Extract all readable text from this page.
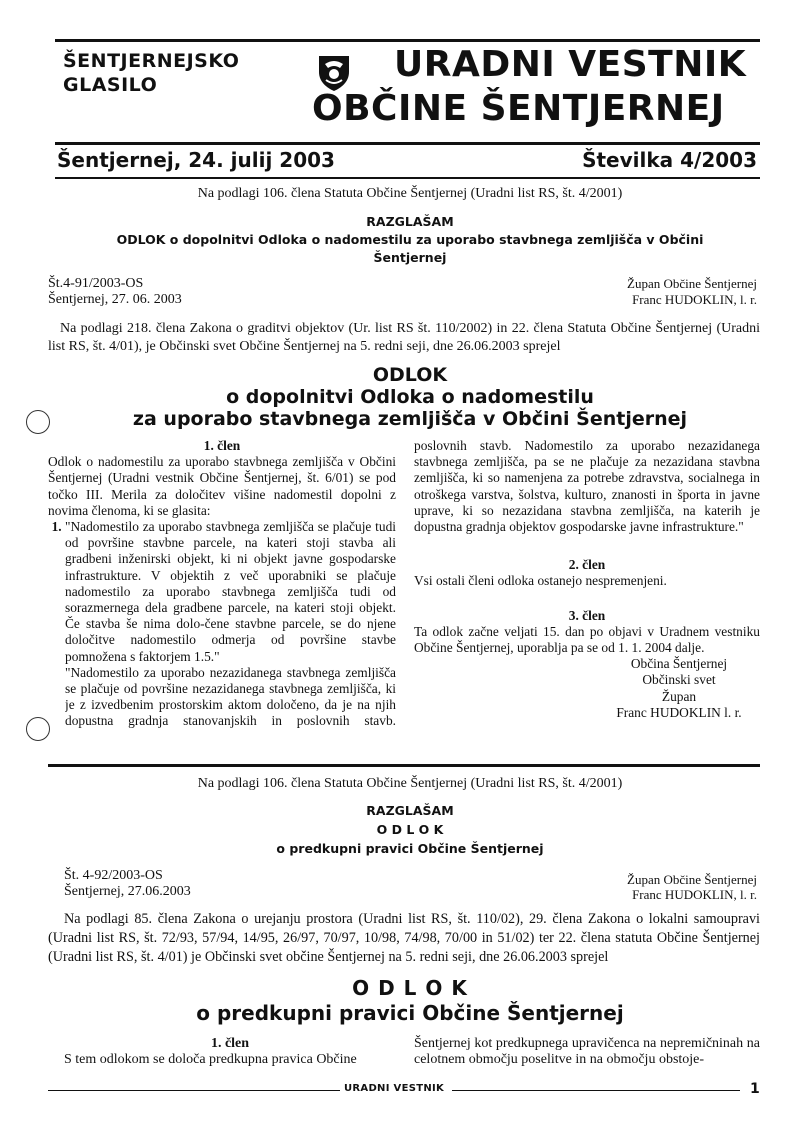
ŠENTJERNEJSKO
GLASILO	URADNI VESTNIK
OBČINE ŠENTJERNEJ
Šentjernej, 24. julij 2003	Številka 4/2003
Na podlagi 106. člena Statuta Občine Šentjernej (Uradni list RS, št. 4/2001)
RAZGLAŠAM
ODLOK o dopolnitvi Odloka o nadomestilu za uporabo stavbnega zemljišča v Občini Šentjernej
Št.4-91/2003-OS
Šentjernej, 27. 06. 2003
Župan Občine Šentjernej
Franc HUDOKLIN, l. r.
Na podlagi 218. člena Zakona o graditvi objektov (Ur. list RS št. 110/2002) in 22. člena Statuta Občine Šentjernej (Uradni list RS, št. 4/01), je Občinski svet Občine Šentjernej na 5. redni seji, dne 26.06.2003 sprejel
ODLOK
o dopolnitvi Odloka o nadomestilu
za uporabo stavbnega zemljišča v Občini Šentjernej

1. člen

Odlok o nadomestilu za uporabo stavbnega zemljišča v Občini Šentjernej (Uradni vestnik Občine Šentjernej, št. 6/01) se pod točko III. Merila za določitev višine nadomestil dopolni z novima členoma, ki se glasita:

1. "Nadomestilo za uporabo stavbnega zemljišča se plačuje tudi od površine stavbne parcele, na kateri stoji stavba ali gradbeni inženirski objekt, ki ni objekt javne gospodarske infrastrukture. V objektih z več uporabniki se plačuje nadomestilo za uporabo stavbnega zemljišča tudi od sorazmernega dela gradbene parcele, na kateri stoji objekt. Če stavba še nima dolo-čene stavbne parcele, se do njene določitve nadomestilo odmerja od površine stavbe pomnožena s faktorjem 1.5."
2. "Nadomestilo za uporabo nezazidanega stavbnega zemljišča se plačuje od površine nezazidanega stavbnega zemljišča, ki je z izvedbenim prostorskim aktom določeno, da je na njih dopustna gradnja stanovanjskih in poslovnih stavb.

poslovnih stavb. Nadomestilo za uporabo nezazidanega stavbnega zemljišča, pa se ne plačuje za nezazidana stavbna zemljišča, ki so namenjena za potrebe zdravstva, socialnega in otroškega varstva, šolstva, kulturo, znanosti in športa in javne uprave, ki so nezazidana stavbna zemljišča, na katerih je dopustna gradnja objektov gospodarske javne infrastrukture."

2. člen

Vsi ostali členi odloka ostanejo nespremenjeni.

3. člen

Ta odlok začne veljati 15. dan po objavi v Uradnem vestniku Občine Šentjernej, uporablja pa se od 1. 1. 2004 dalje.

Občina Šentjernej

Občinski svet

Župan

Franc HUDOKLIN l. r.

Na podlagi 106. člena Statuta Občine Šentjernej (Uradni list RS, št. 4/2001)
RAZGLAŠAM
O D L O K
o predkupni pravici Občine Šentjernej
Št. 4-92/2003-OS
Šentjernej, 27.06.2003
Župan Občine Šentjernej
Franc HUDOKLIN, l. r.
Na podlagi 85. člena Zakona o urejanju prostora (Uradni list RS, št. 110/02), 29. člena Zakona o lokalni samoupravi (Uradni list RS, št. 72/93, 57/94, 14/95, 26/97, 70/97, 10/98, 74/98, 70/00 in 51/02) ter 22. člena statuta Občine Šentjernej (Uradni list RS, št. 4/01) je Občinski svet občine Šentjernej na 5. redni seji, dne 26.06.2003 sprejel
O D L O K
o predkupni pravici Občine Šentjernej
1. člen
S tem odlokom se določa predkupna pravica Občine
Šentjernej kot predkupnega upravičenca na nepremičninah na celotnem območju poselitve in na območju obstoje-
URADNI VESTNIK	1
